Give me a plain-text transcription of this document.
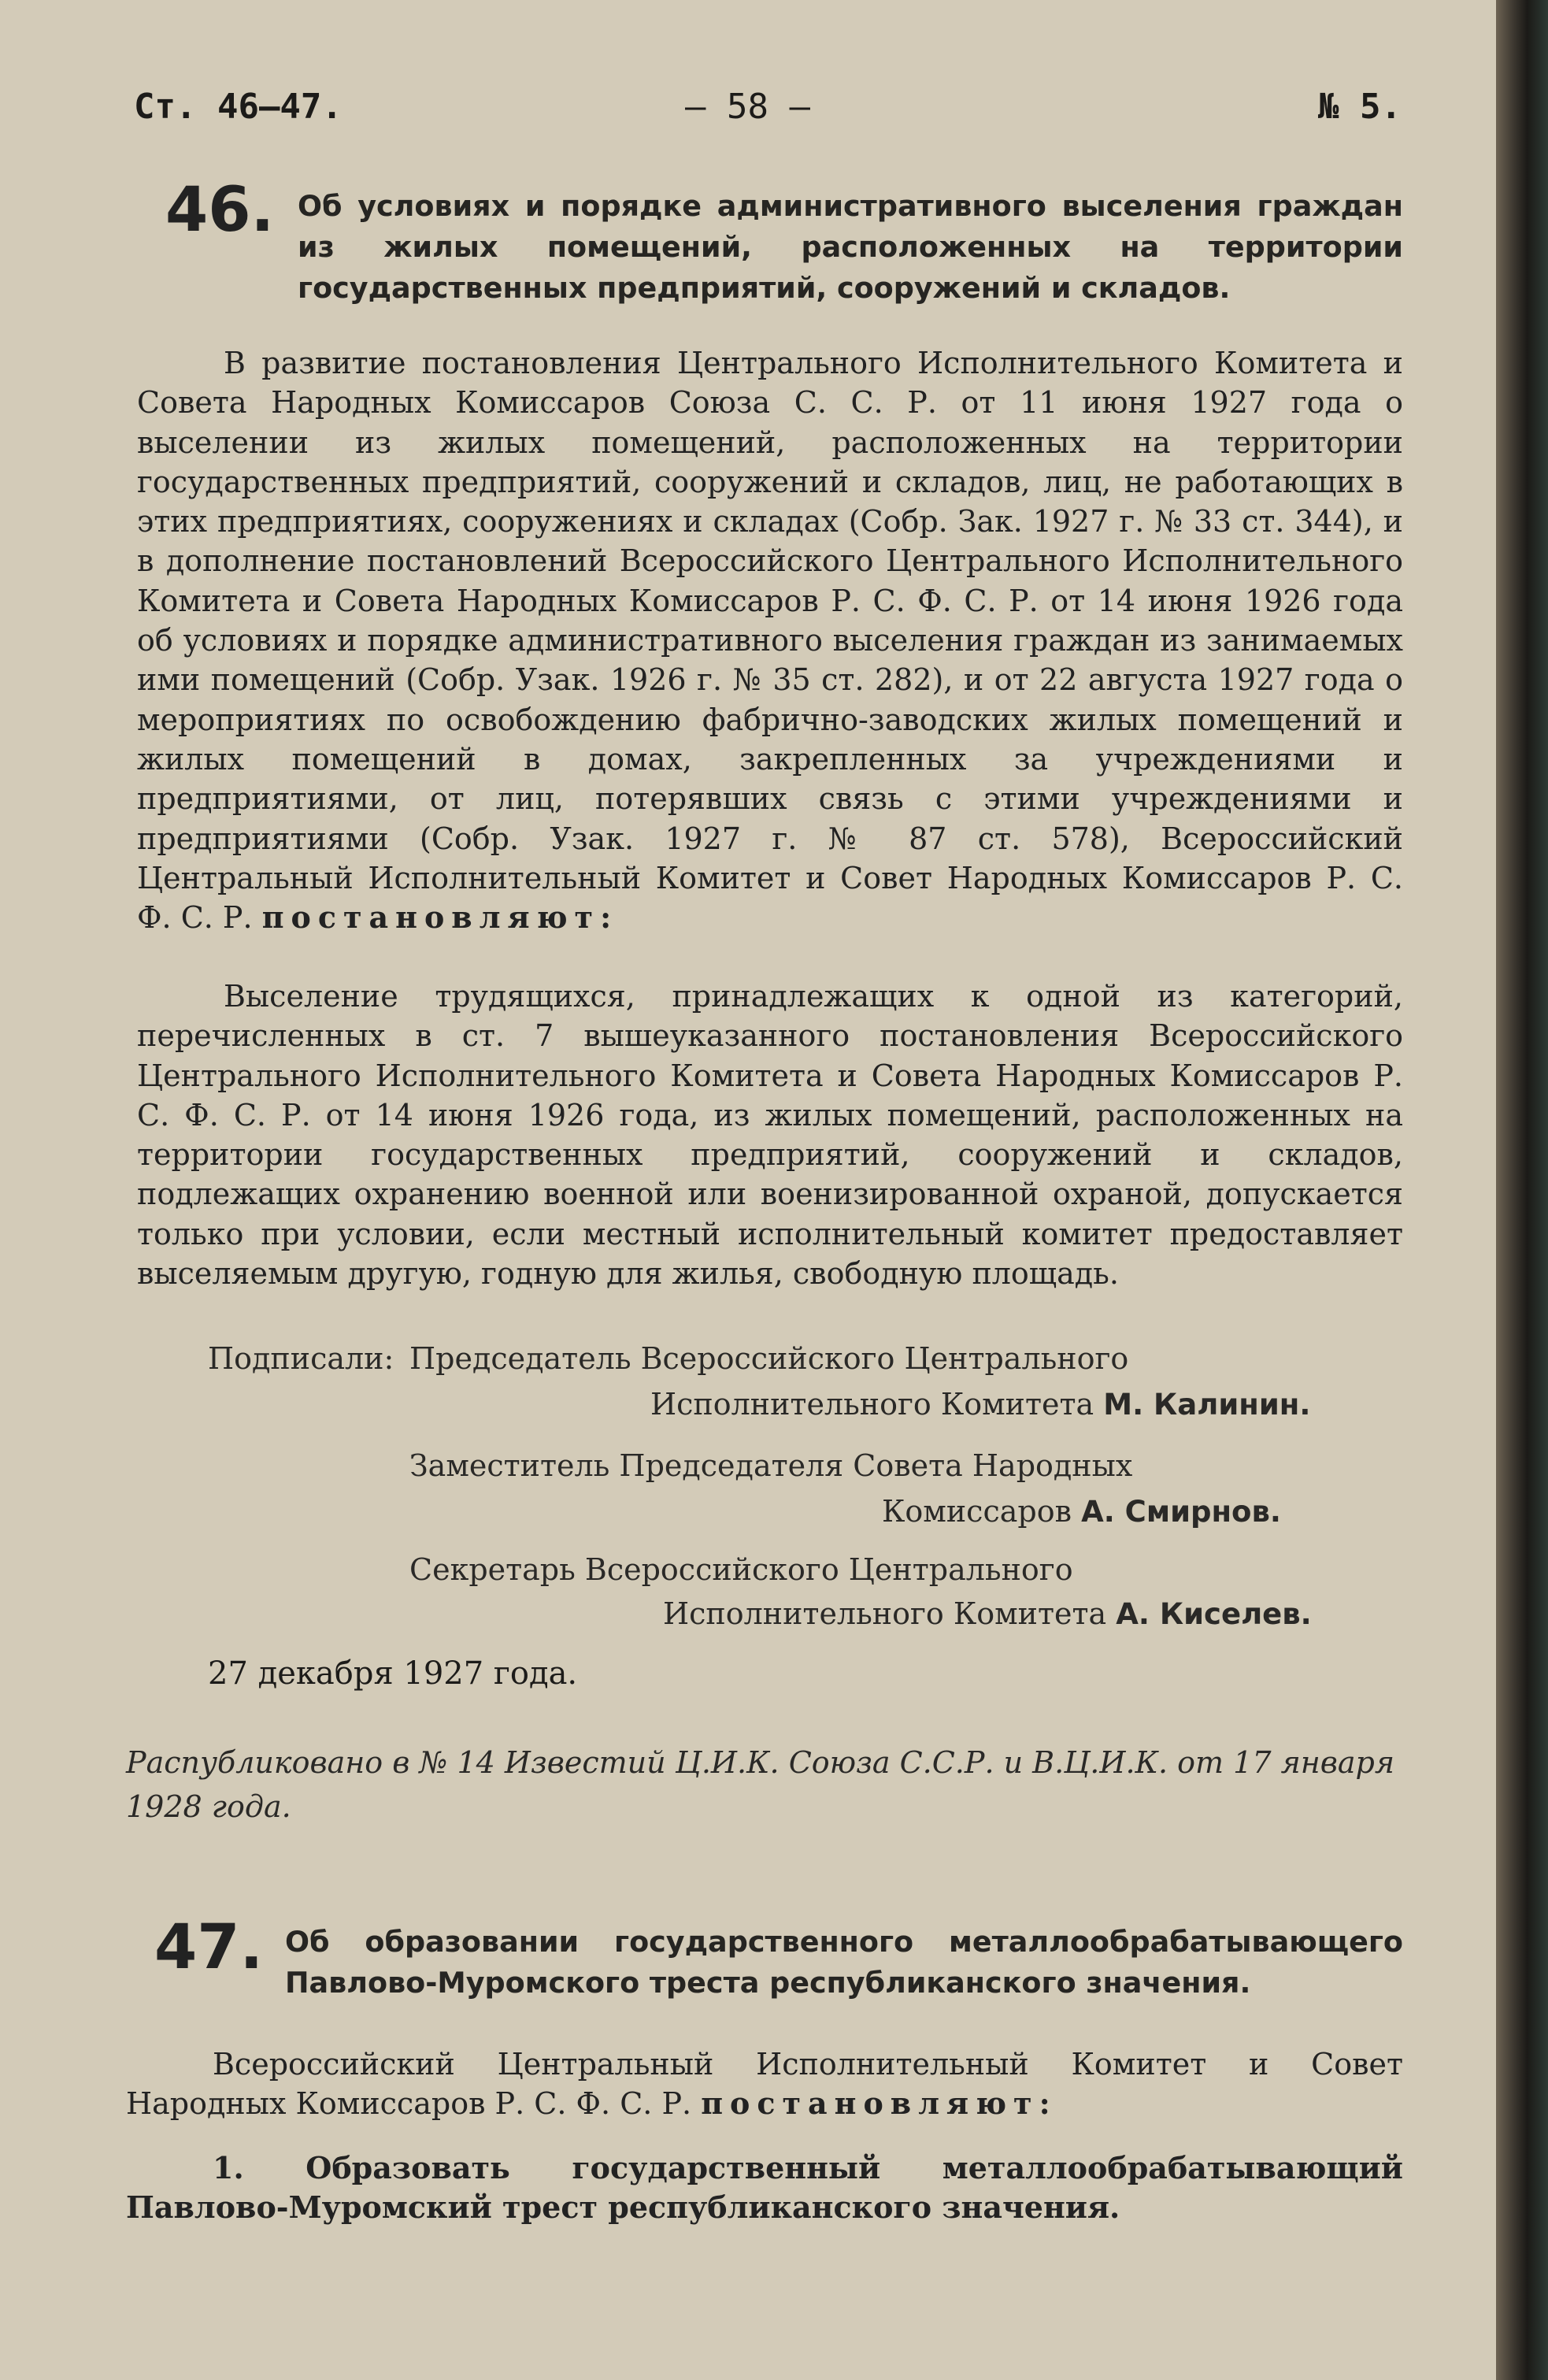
Ст. 46—47.	— 58 —	№ 5.
46. Об условиях и порядке административного выселения граждан из жилых помещений, расположенных на территории государственных предприятий, сооружений и складов.
В развитие постановления Центрального Исполнительного Комитета и Совета Народных Комиссаров Союза С. С. Р. от 11 июня 1927 года о выселении из жилых помещений, расположенных на территории государственных предприятий, сооружений и складов, лиц, не работающих в этих предприятиях, сооружениях и складах (Собр. Зак. 1927 г. № 33 ст. 344), и в дополнение постановлений Всероссийского Центрального Исполнительного Комитета и Совета Народных Комиссаров Р. С. Ф. С. Р. от 14 июня 1926 года об условиях и порядке административного выселения граждан из занимаемых ими помещений (Собр. Узак. 1926 г. № 35 ст. 282), и от 22 августа 1927 года о мероприятиях по освобождению фабрично-заводских жилых помещений и жилых помещений в домах, закрепленных за учреждениями и предприятиями, от лиц, потерявших связь с этими учреждениями и предприятиями (Собр. Узак. 1927 г. № 87 ст. 578), Всероссийский Центральный Исполнительный Комитет и Совет Народных Комиссаров Р. С. Ф. С. Р. постановляют:
Выселение трудящихся, принадлежащих к одной из категорий, перечисленных в ст. 7 вышеуказанного постановления Всероссийского Центрального Исполнительного Комитета и Совета Народных Комиссаров Р. С. Ф. С. Р. от 14 июня 1926 года, из жилых помещений, расположенных на территории государственных предприятий, сооружений и складов, подлежащих охранению военной или военизированной охраной, допускается только при условии, если местный исполнительный комитет предоставляет выселяемым другую, годную для жилья, свободную площадь.
Подписали: Председатель Всероссийского Центрального
Исполнительного Комитета М. Калинин.
Заместитель Председателя Совета Народных
Комиссаров А. Смирнов.
Секретарь Всероссийского Центрального
Исполнительного Комитета А. Киселев.
27 декабря 1927 года.
Распубликовано в № 14 Известий Ц.И.К. Союза С.С.Р. и В.Ц.И.К. от 17 января 1928 года.
47. Об образовании государственного металлообрабатывающего Павлово-Муромского треста республиканского значения.
Всероссийский Центральный Исполнительный Комитет и Совет Народных Комиссаров Р. С. Ф. С. Р. постановляют:
1. Образовать государственный металлообрабатывающий Павлово-Муромский трест республиканского значения.
